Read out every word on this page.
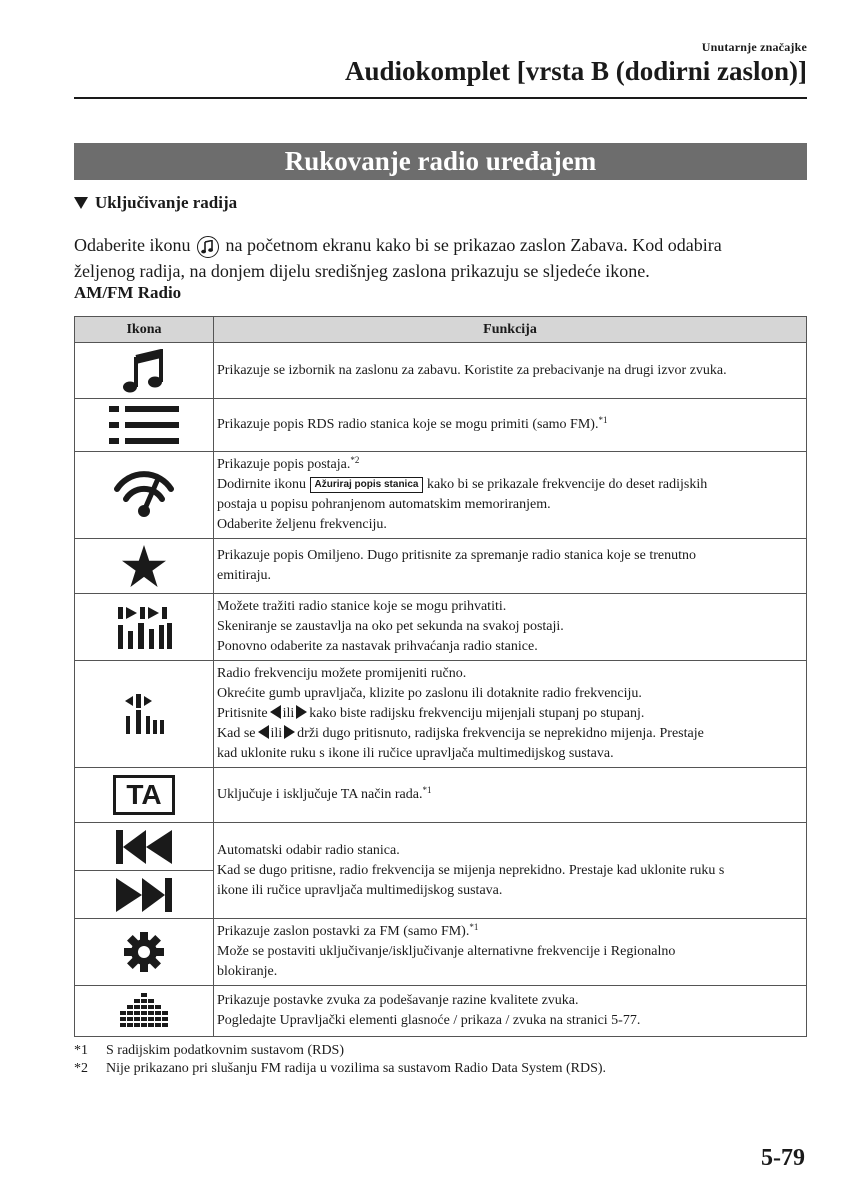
Unutarnje značajke
Audiokomplet [vrsta B (dodirni zaslon)]
Rukovanje radio uređajem
Uključivanje radija
Odaberite ikonu na početnom ekranu kako bi se prikazao zaslon Zabava. Kod odabira
željenog radija, na donjem dijelu središnjeg zaslona prikazuju se sljedeće ikone.
AM/FM Radio
Ikona	Funkcija

Prikazuje se izbornik na zaslonu za zabavu. Koristite za prebacivanje na drugi izvor zvuka.

Prikazuje popis RDS radio stanica koje se mogu primiti (samo FM).$^{*1}$

Prikazuje popis postaja.$^{*2}$
Dodirnite ikonu Ažuriraj popis stanica kako bi se prikazale frekvencije do deset radijskih
postaja u popisu pohranjenom automatskim memoriranjem.
Odaberite željenu frekvenciju.

Prikazuje popis Omiljeno. Dugo pritisnite za spremanje radio stanica koje se trenutno
emitiraju.

Možete tražiti radio stanice koje se mogu prihvatiti.
Skeniranje se zaustavlja na oko pet sekunda na svakoj postaji.
Ponovno odaberite za nastavak prihvaćanja radio stanice.

Radio frekvenciju možete promijeniti ručno.
Okrećite gumb upravljača, klizite po zaslonu ili dotaknite radio frekvenciju.
Pritisnite ili kako biste radijsku frekvenciju mijenjali stupanj po stupanj.
Kad se ili drži dugo pritisnuto, radijska frekvencija se neprekidno mijenja. Prestaje
kad uklonite ruku s ikone ili ručice upravljača multimedijskog sustava.

TA	Uključuje i isključuje TA način rada.$^{*1}$

Automatski odabir radio stanica.
Kad se dugo pritisne, radio frekvencija se mijenja neprekidno. Prestaje kad uklonite ruku s
ikone ili ručice upravljača multimedijskog sustava.

Prikazuje zaslon postavki za FM (samo FM).$^{*1}$
Može se postaviti uključivanje/isključivanje alternativne frekvencije i Regionalno
blokiranje.

Prikazuje postavke zvuka za podešavanje razine kvalitete zvuka.
Pogledajte Upravljački elementi glasnoće / prikaza / zvuka na stranici 5-77.
*1	S radijskim podatkovnim sustavom (RDS)
*2	Nije prikazano pri slušanju FM radija u vozilima sa sustavom Radio Data System (RDS).
5-79
